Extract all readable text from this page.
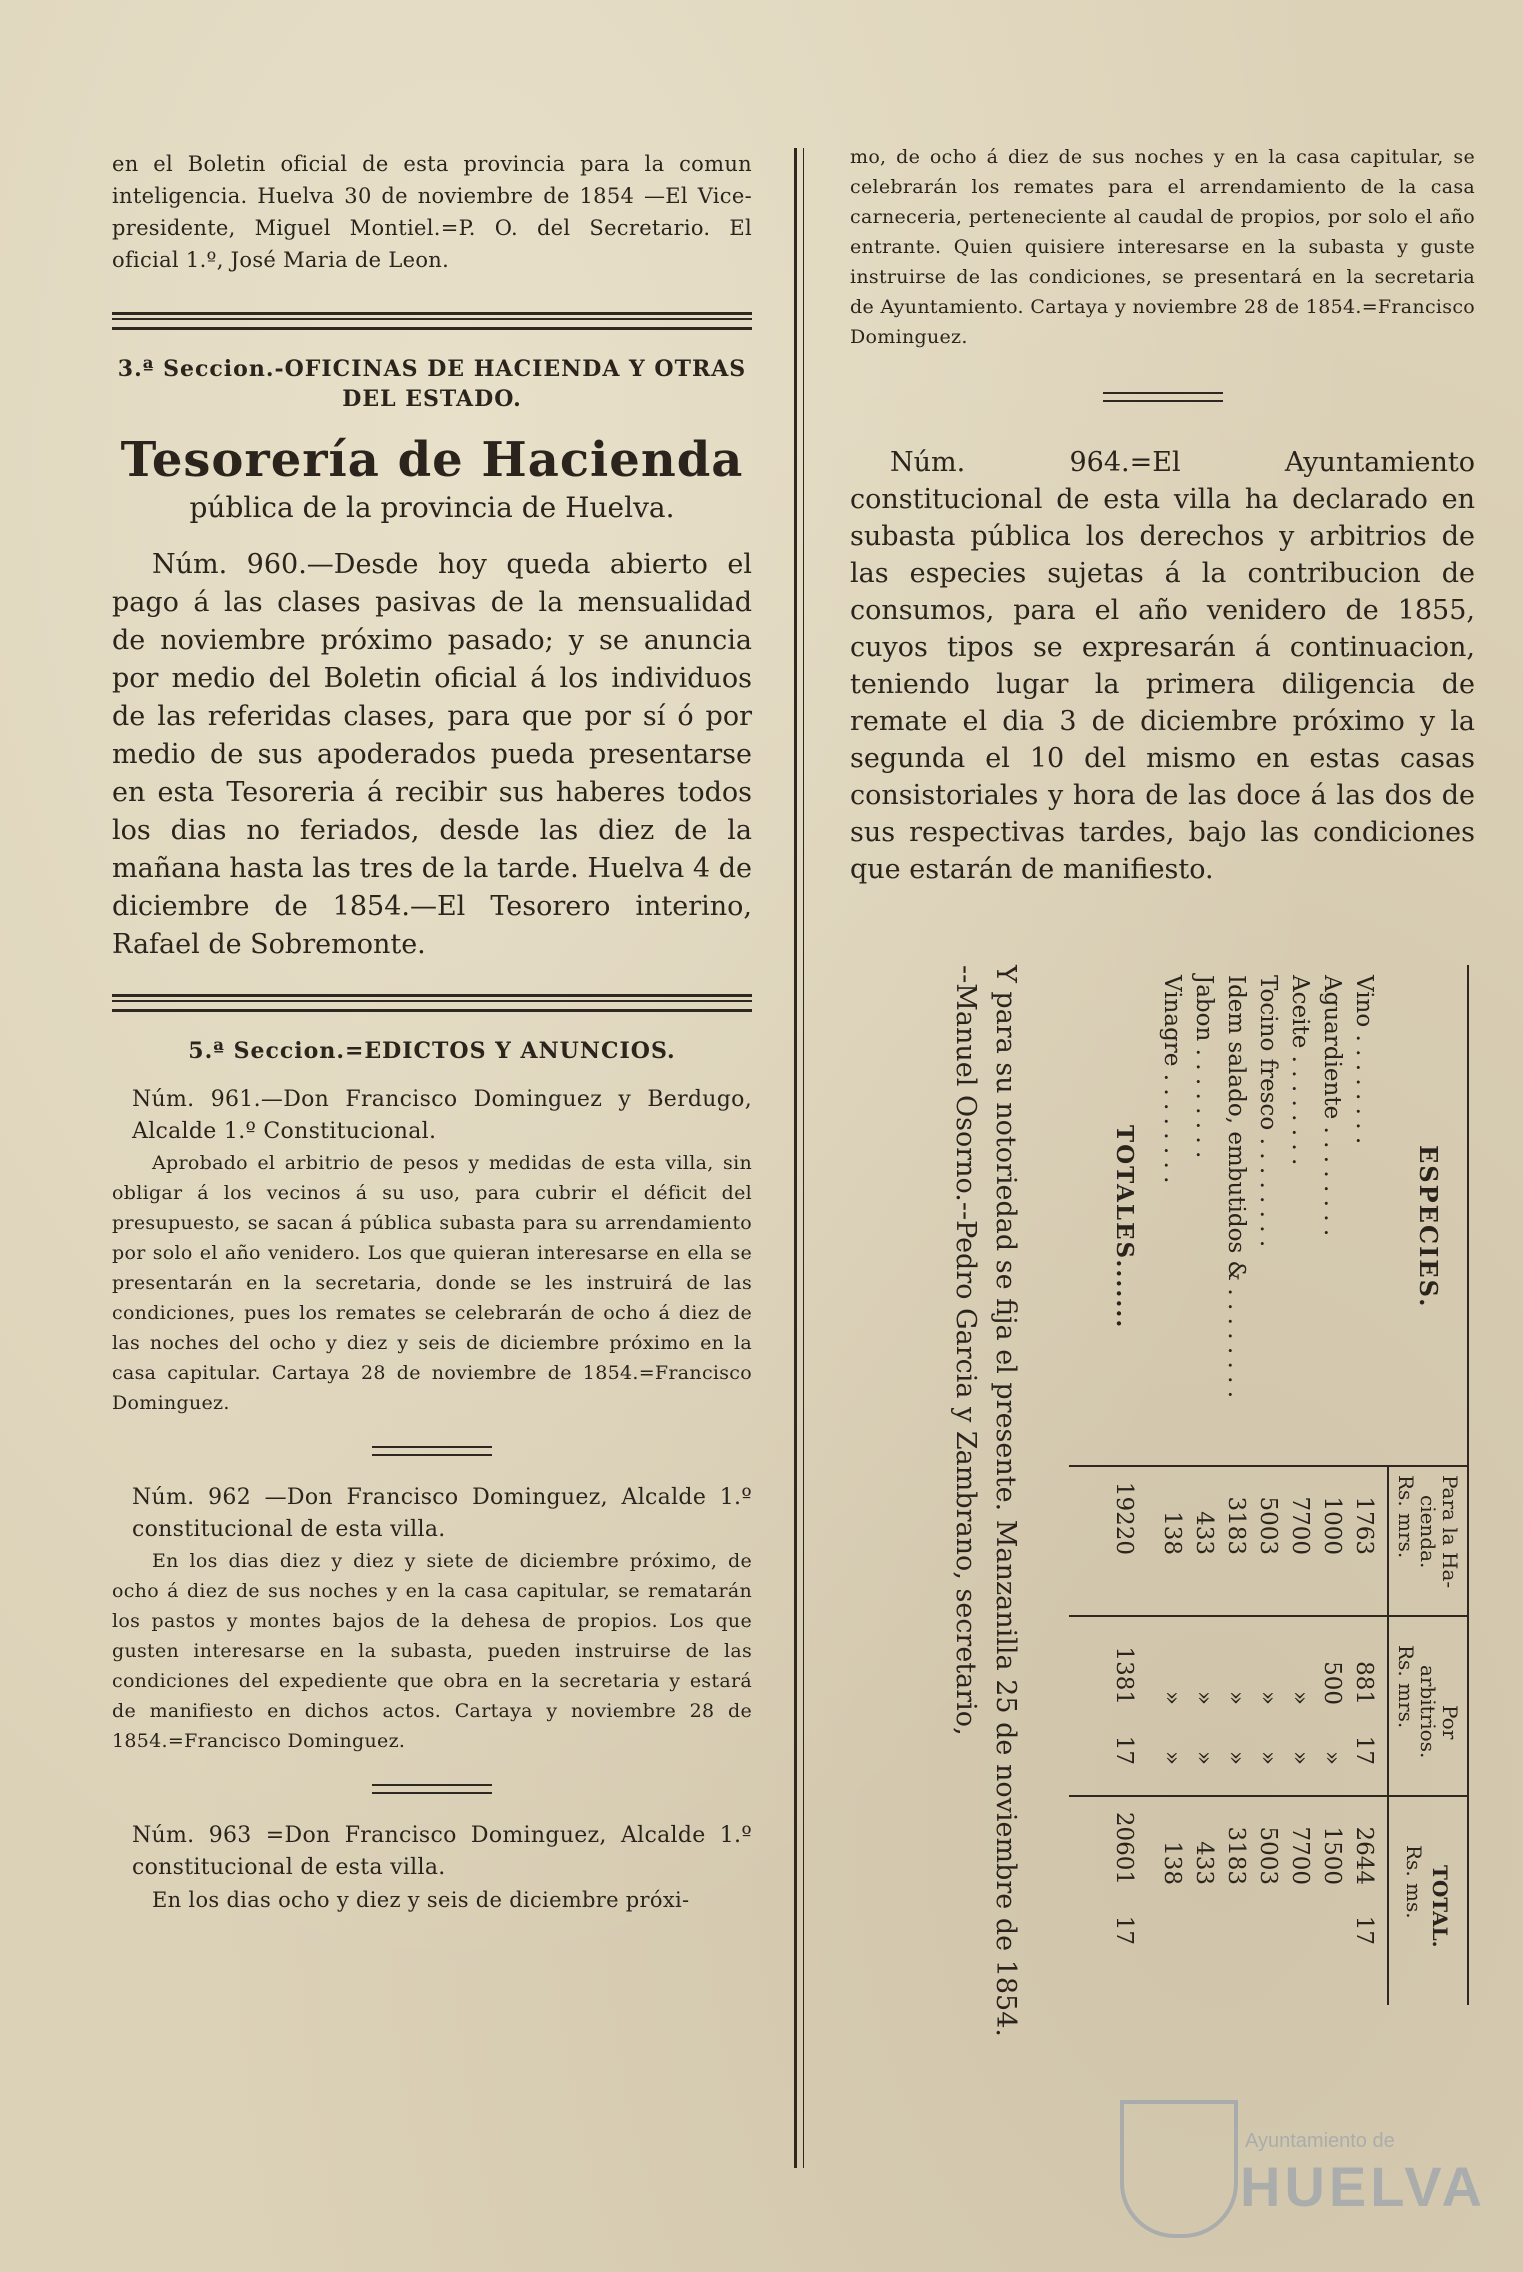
en el Boletin oficial de esta provincia para la comun inteligencia. Huelva 30 de noviembre de 1854 —El Vice-presidente, Miguel Montiel.=P. O. del Secretario. El oficial 1.º, José Maria de Leon.

3.ª Seccion.-OFICINAS DE HACIENDA Y OTRAS
DEL ESTADO.
Tesorería de Hacienda
pública de la provincia de Huelva.

Núm. 960.—Desde hoy queda abierto el pago á las clases pasivas de la mensualidad de noviembre próximo pasado; y se anuncia por medio del Boletin oficial á los individuos de las referidas clases, para que por sí ó por medio de sus apoderados pueda presentarse en esta Tesoreria á recibir sus haberes todos los dias no feriados, desde las diez de la mañana hasta las tres de la tarde. Huelva 4 de diciembre de 1854.—El Tesorero interino, Rafael de Sobremonte.

5.ª Seccion.=EDICTOS Y ANUNCIOS.

Núm. 961.—Don Francisco Dominguez y Berdugo, Alcalde 1.º Constitucional.

Aprobado el arbitrio de pesos y medidas de esta villa, sin obligar á los vecinos á su uso, para cubrir el déficit del presupuesto, se sacan á pública subasta para su arrendamiento por solo el año venidero. Los que quieran interesarse en ella se presentarán en la secretaria, donde se les instruirá de las condiciones, pues los remates se celebrarán de ocho á diez de las noches del ocho y diez y seis de diciembre próximo en la casa capitular. Cartaya 28 de noviembre de 1854.=Francisco Dominguez.

Núm. 962 —Don Francisco Dominguez, Alcalde 1.º constitucional de esta villa.

En los dias diez y diez y siete de diciembre próximo, de ocho á diez de sus noches y en la casa capitular, se rematarán los pastos y montes bajos de la dehesa de propios. Los que gusten interesarse en la subasta, pueden instruirse de las condiciones del expediente que obra en la secretaria y estará de manifiesto en dichos actos. Cartaya y noviembre 28 de 1854.=Francisco Dominguez.

Núm. 963 =Don Francisco Dominguez, Alcalde 1.º constitucional de esta villa.

En los dias ocho y diez y seis de diciembre próxi-

mo, de ocho á diez de sus noches y en la casa capitular, se celebrarán los remates para el arrendamiento de la casa carneceria, perteneciente al caudal de propios, por solo el año entrante. Quien quisiere interesarse en la subasta y guste instruirse de las condiciones, se presentará en la secretaria de Ayuntamiento. Cartaya y noviembre 28 de 1854.=Francisco Dominguez.

Núm. 964.=El Ayuntamiento constitucional de esta villa ha declarado en subasta pública los derechos y arbitrios de las especies sujetas á la contribucion de consumos, para el año venidero de 1855, cuyos tipos se expresarán á continuacion, teniendo lugar la primera diligencia de remate el dia 3 de diciembre próximo y la segunda el 10 del mismo en estas casas consistoriales y hora de las doce á las dos de sus respectivas tardes, bajo las condiciones que estarán de manifiesto.

ESPECIES.
Para la Ha-
cienda.
Rs. mrs.
Por
arbitrios.
Rs. mrs.
TOTAL.
Rs. ms.
Vino . . . . . . . .
1763
881
17
2644
17
Aguardiente . . . . . . . .
1000
500
»
1500
Aceite . . . . . . . .
7700
»
»
7700
Tocino fresco . . . . . . . .
5003
»
»
5003
Idem salado, embutidos & . . . . . . . .
3183
»
»
3183
Jabon . . . . . . . .
433
»
»
433
Vinagre . . . . . . . .
138
»
»
138
TOTALES.......
19220
1381
17
20601
17
Y para su notoriedad se fija el presente. Manzanilla 25 de noviembre de 1854.
--Manuel Osorno.--Pedro Garcia y Zambrano, secretario,
Ayuntamiento de
HUELVA
